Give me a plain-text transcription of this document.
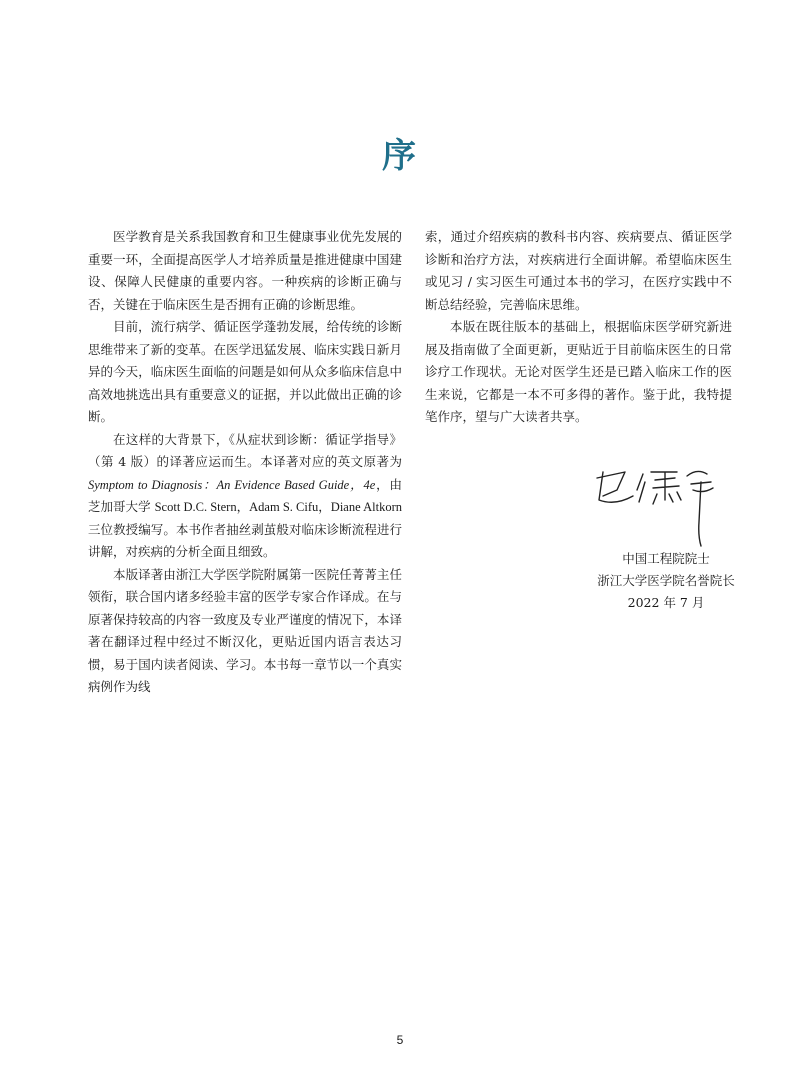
序

医学教育是关系我国教育和卫生健康事业优先发展的重要一环，全面提高医学人才培养质量是推进健康中国建设、保障人民健康的重要内容。一种疾病的诊断正确与否，关键在于临床医生是否拥有正确的诊断思维。

目前，流行病学、循证医学蓬勃发展，给传统的诊断思维带来了新的变革。在医学迅猛发展、临床实践日新月异的今天，临床医生面临的问题是如何从众多临床信息中高效地挑选出具有重要意义的证据，并以此做出正确的诊断。

在这样的大背景下，《从症状到诊断：循证学指导》（第 4 版）的译著应运而生。本译著对应的英文原著为 Symptom to Diagnosis：An Evidence Based Guide，4e，由芝加哥大学 Scott D.C. Stern，Adam S. Cifu，Diane Altkorn三位教授编写。本书作者抽丝剥茧般对临床诊断流程进行讲解，对疾病的分析全面且细致。

本版译著由浙江大学医学院附属第一医院任菁菁主任领衔，联合国内诸多经验丰富的医学专家合作译成。在与原著保持较高的内容一致度及专业严谨度的情况下，本译著在翻译过程中经过不断汉化，更贴近国内语言表达习惯，易于国内读者阅读、学习。本书每一章节以一个真实病例作为线

索，通过介绍疾病的教科书内容、疾病要点、循证医学诊断和治疗方法，对疾病进行全面讲解。希望临床医生或见习 / 实习医生可通过本书的学习，在医疗实践中不断总结经验，完善临床思维。

本版在既往版本的基础上，根据临床医学研究新进展及指南做了全面更新，更贴近于目前临床医生的日常诊疗工作现状。无论对医学生还是已踏入临床工作的医生来说，它都是一本不可多得的著作。鉴于此，我特提笔作序，望与广大读者共享。

中国工程院院士
浙江大学医学院名誉院长
2022 年 7 月
5
